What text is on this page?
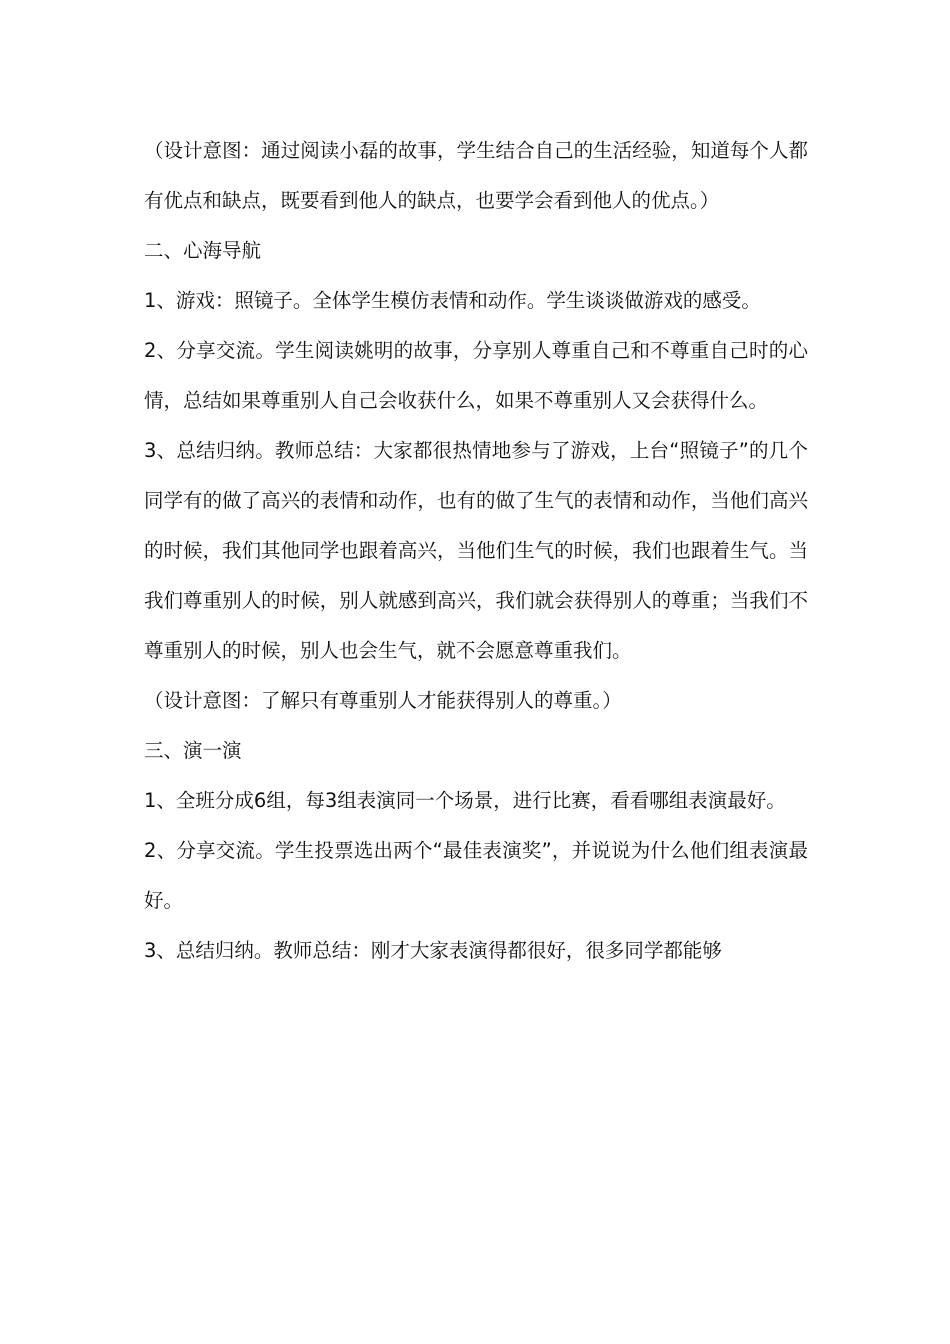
（设计意图：通过阅读小磊的故事，学生结合自己的生活经验，知道每个人都有优点和缺点，既要看到他人的缺点，也要学会看到他人的优点。）

二、心海导航

1、游戏：照镜子。全体学生模仿表情和动作。学生谈谈做游戏的感受。

2、分享交流。学生阅读姚明的故事，分享别人尊重自己和不尊重自己时的心情，总结如果尊重别人自己会收获什么，如果不尊重别人又会获得什么。

3、总结归纳。教师总结：大家都很热情地参与了游戏，上台“照镜子”的几个同学有的做了高兴的表情和动作，也有的做了生气的表情和动作，当他们高兴的时候，我们其他同学也跟着高兴，当他们生气的时候，我们也跟着生气。当我们尊重别人的时候，别人就感到高兴，我们就会获得别人的尊重；当我们不尊重别人的时候，别人也会生气，就不会愿意尊重我们。

（设计意图：了解只有尊重别人才能获得别人的尊重。）

三、演一演

1、全班分成6组，每3组表演同一个场景，进行比赛，看看哪组表演最好。

2、分享交流。学生投票选出两个“最佳表演奖”，并说说为什么他们组表演最好。

3、总结归纳。教师总结：刚才大家表演得都很好，很多同学都能够
